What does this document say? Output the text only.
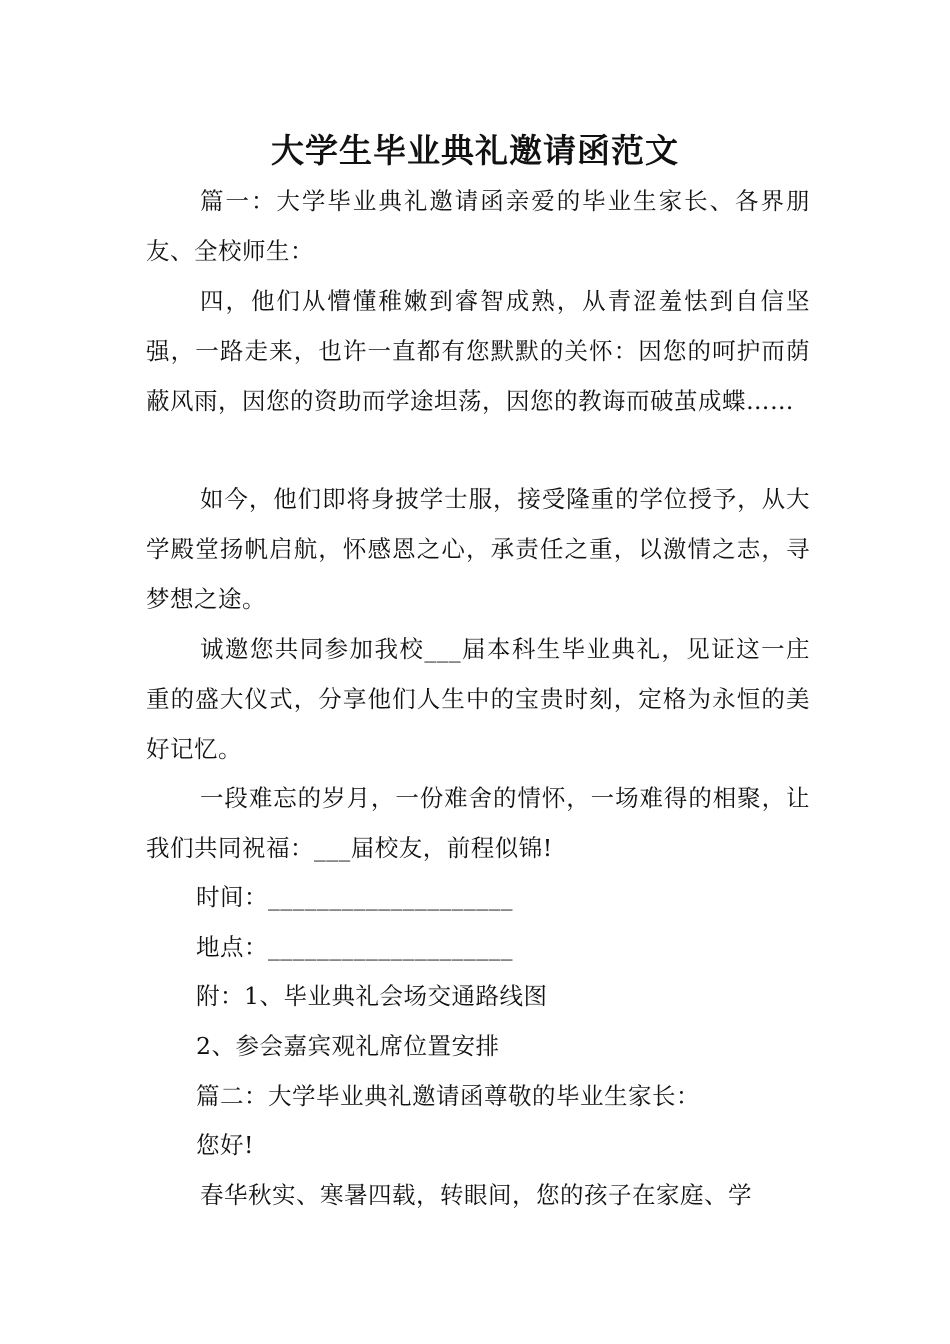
大学生毕业典礼邀请函范文

篇一：大学毕业典礼邀请函亲爱的毕业生家长、各界朋友、全校师生：

四，他们从懵懂稚嫩到睿智成熟，从青涩羞怯到自信坚强，一路走来，也许一直都有您默默的关怀：因您的呵护而荫蔽风雨，因您的资助而学途坦荡，因您的教诲而破茧成蝶……

如今，他们即将身披学士服，接受隆重的学位授予，从大学殿堂扬帆启航，怀感恩之心，承责任之重，以激情之志，寻梦想之途。

诚邀您共同参加我校___届本科生毕业典礼，见证这一庄重的盛大仪式，分享他们人生中的宝贵时刻，定格为永恒的美好记忆。

一段难忘的岁月，一份难舍的情怀，一场难得的相聚，让我们共同祝福：___届校友，前程似锦!

时间：____________________
地点：____________________
附：1、毕业典礼会场交通路线图
2、参会嘉宾观礼席位置安排
篇二：大学毕业典礼邀请函尊敬的毕业生家长：
您好!

春华秋实、寒暑四载，转眼间，您的孩子在家庭、学
